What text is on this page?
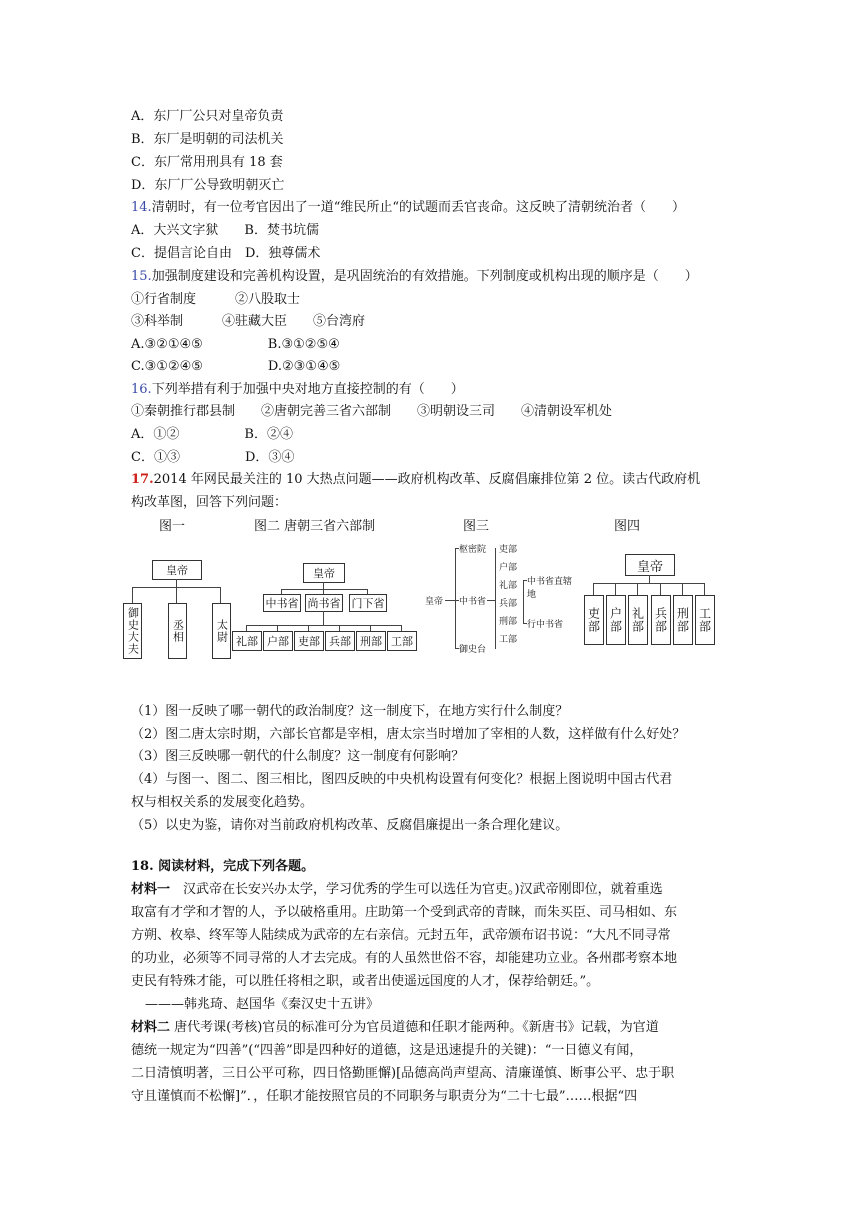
A．东厂厂公只对皇帝负责
B．东厂是明朝的司法机关
C．东厂常用刑具有 18 套
D．东厂厂公导致明朝灭亡
14.清朝时，有一位考官因出了一道“维民所止“的试题而丢官丧命。这反映了清朝统治者（　　）
A．大兴文字狱　　B．焚书坑儒
C．提倡言论自由　D．独尊儒术
15.加强制度建设和完善机构设置，是巩固统治的有效措施。下列制度或机构出现的顺序是（　　）
①行省制度　　　②八股取士
③科举制　　　④驻藏大臣　　⑤台湾府
A.③②①④⑤　　　　　B.③①②⑤④
C.③①②④⑤　　　　　D.②③①④⑤
16.下列举措有利于加强中央对地方直接控制的有（　　）
①秦朝推行郡县制　　②唐朝完善三省六部制　　③明朝设三司　　④清朝设军机处
A．①②　　　　　B．②④
C．①③　　　　　D．③④
17.2014 年网民最关注的 10 大热点问题——政府机构改革、反腐倡廉排位第 2 位。读古代政府机
构改革图，回答下列问题：
图一	图二 唐朝三省六部制	图三	图四
皇帝
御史大夫	丞相	太尉
皇帝
中书省 尚书省 门下省
礼部 户部 吏部 兵部 刑部 工部
皇帝
枢密院
中书省
御史台
吏部
户部
礼部
兵部
刑部
工部
中书省直辖地
行中书省
皇帝
吏部 户部 礼部 兵部 刑部 工部
（1）图一反映了哪一朝代的政治制度？这一制度下，在地方实行什么制度？
（2）图二唐太宗时期，六部长官都是宰相，唐太宗当时增加了宰相的人数，这样做有什么好处？
（3）图三反映哪一朝代的什么制度？这一制度有何影响？
（4）与图一、图二、图三相比，图四反映的中央机构设置有何变化？根据上图说明中国古代君
权与相权关系的发展变化趋势。
（5）以史为鉴，请你对当前政府机构改革、反腐倡廉提出一条合理化建议。
18. 阅读材料，完成下列各题。
材料一　汉武帝在长安兴办太学，学习优秀的学生可以选任为官吏。)汉武帝刚即位，就着重选
取富有才学和才智的人，予以破格重用。庄助第一个受到武帝的青睐，而朱买臣、司马相如、东
方朔、枚皋、终军等人陆续成为武帝的左右亲信。元封五年，武帝颁布诏书说：“大凡不同寻常
的功业，必须等不同寻常的人才去完成。有的人虽然世俗不容，却能建功立业。各州郡考察本地
吏民有特殊才能，可以胜任将相之职，或者出使遥远国度的人才，保荐给朝廷。”。
———韩兆琦、赵国华《秦汉史十五讲》
材料二 唐代考课(考核)官员的标准可分为官员道德和任职才能两种。《新唐书》记载，为官道
德统一规定为“四善”(“四善”即是四种好的道德，这是迅速提升的关键)：“一日德义有闻，
二日清慎明著，三日公平可称，四日恪勤匪懈)[品德高尚声望高、清廉谨慎、断事公平、忠于职
守且谨慎而不松懈]”．，任职才能按照官员的不同职务与职责分为“二十七最”……根据“四
